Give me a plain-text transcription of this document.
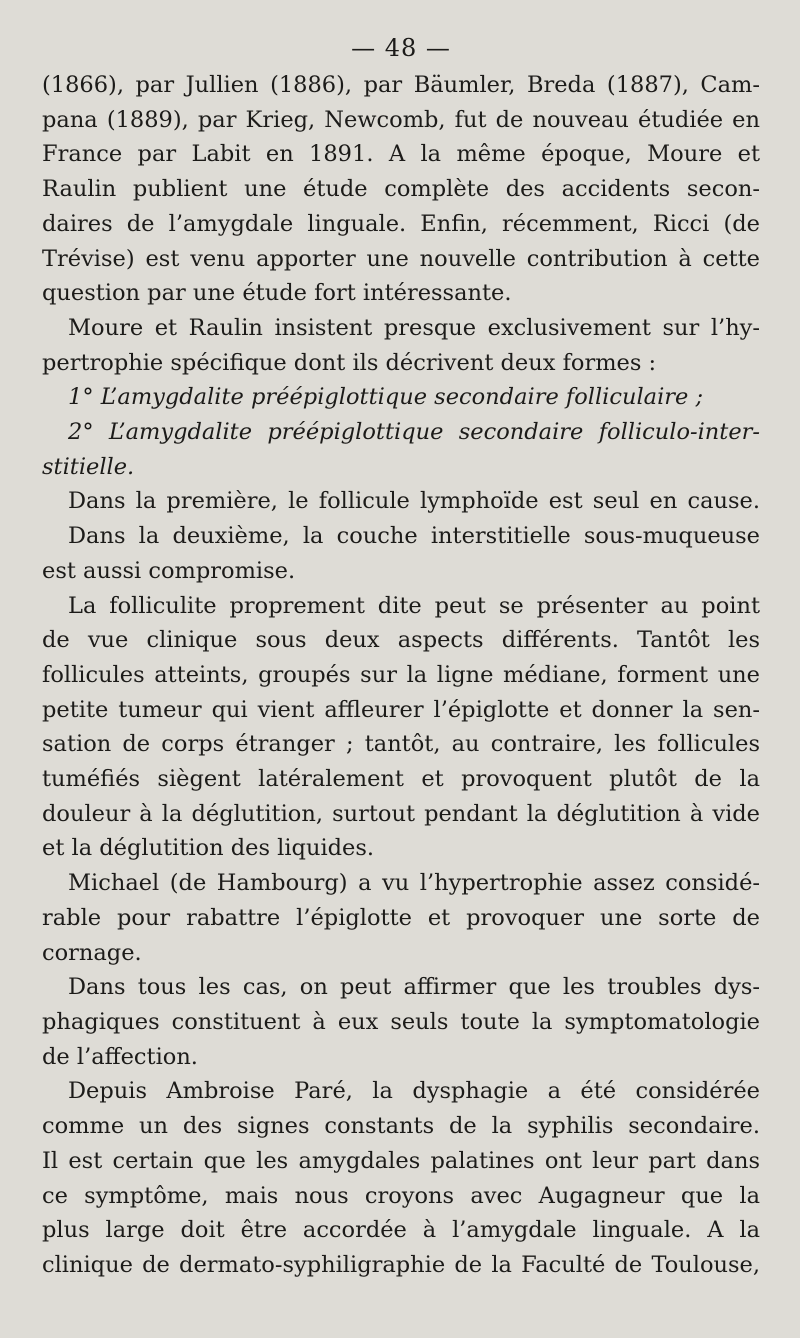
— 48 —
(1866), par Jullien (1886), par Bäumler, Breda (1887), Cam-
pana (1889), par Krieg, Newcomb, fut de nouveau étudiée en
France par Labit en 1891. A la même époque, Moure et
Raulin publient une étude complète des accidents secon-
daires de l’amygdale linguale. Enfin, récemment, Ricci (de
Trévise) est venu apporter une nouvelle contribution à cette
question par une étude fort intéressante.
Moure et Raulin insistent presque exclusivement sur l’hy-
pertrophie spécifique dont ils décrivent deux formes :
1° L’amygdalite préépiglottique secondaire folliculaire ;
2° L’amygdalite préépiglottique secondaire folliculo-inter-
stitielle.
Dans la première, le follicule lymphoïde est seul en cause.
Dans la deuxième, la couche interstitielle sous-muqueuse
est aussi compromise.
La folliculite proprement dite peut se présenter au point
de vue clinique sous deux aspects différents. Tantôt les
follicules atteints, groupés sur la ligne médiane, forment une
petite tumeur qui vient affleurer l’épiglotte et donner la sen-
sation de corps étranger ; tantôt, au contraire, les follicules
tuméfiés siègent latéralement et provoquent plutôt de la
douleur à la déglutition, surtout pendant la déglutition à vide
et la déglutition des liquides.
Michael (de Hambourg) a vu l’hypertrophie assez considé-
rable pour rabattre l’épiglotte et provoquer une sorte de
cornage.
Dans tous les cas, on peut affirmer que les troubles dys-
phagiques constituent à eux seuls toute la symptomatologie
de l’affection.
Depuis Ambroise Paré, la dysphagie a été considérée
comme un des signes constants de la syphilis secondaire.
Il est certain que les amygdales palatines ont leur part dans
ce symptôme, mais nous croyons avec Augagneur que la
plus large doit être accordée à l’amygdale linguale. A la
clinique de dermato-syphiligraphie de la Faculté de Toulouse,
